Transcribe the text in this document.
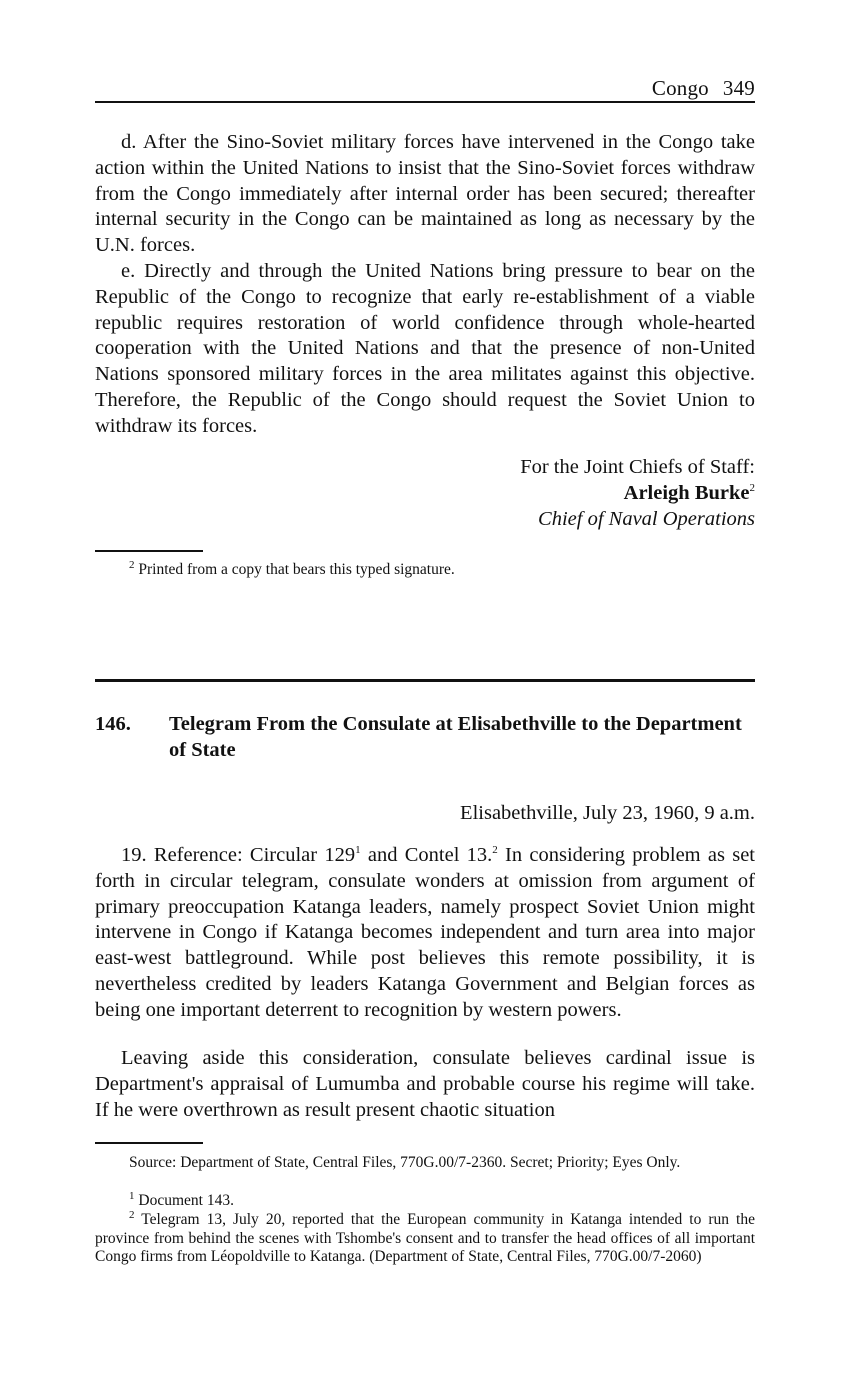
Congo 349

d. After the Sino-Soviet military forces have intervened in the Congo take action within the United Nations to insist that the Sino-Soviet forces withdraw from the Congo immediately after internal order has been secured; thereafter internal security in the Congo can be maintained as long as necessary by the U.N. forces.

e. Directly and through the United Nations bring pressure to bear on the Republic of the Congo to recognize that early re-establishment of a viable republic requires restoration of world confidence through whole-hearted cooperation with the United Nations and that the presence of non-United Nations sponsored military forces in the area militates against this objective. Therefore, the Republic of the Congo should request the Soviet Union to withdraw its forces.

For the Joint Chiefs of Staff:
Arleigh Burke$^2$
Chief of Naval Operations

$^2$ Printed from a copy that bears this typed signature.

146. Telegram From the Consulate at Elisabethville to the Department of State
Elisabethville, July 23, 1960, 9 a.m.

19. Reference: Circular $129^1$ and Contel 13.$^2$ In considering problem as set forth in circular telegram, consulate wonders at omission from argument of primary preoccupation Katanga leaders, namely prospect Soviet Union might intervene in Congo if Katanga becomes independent and turn area into major east-west battleground. While post believes this remote possibility, it is nevertheless credited by leaders Katanga Government and Belgian forces as being one important deterrent to recognition by western powers.

Leaving aside this consideration, consulate believes cardinal issue is Department's appraisal of Lumumba and probable course his regime will take. If he were overthrown as result present chaotic situation

Source: Department of State, Central Files, 770G.00/7-2360. Secret; Priority; Eyes Only.

$^1$ Document 143.

$^2$ Telegram 13, July 20, reported that the European community in Katanga intended to run the province from behind the scenes with Tshombe's consent and to transfer the head offices of all important Congo firms from Léopoldville to Katanga. (Department of State, Central Files, 770G.00/7-2060)
